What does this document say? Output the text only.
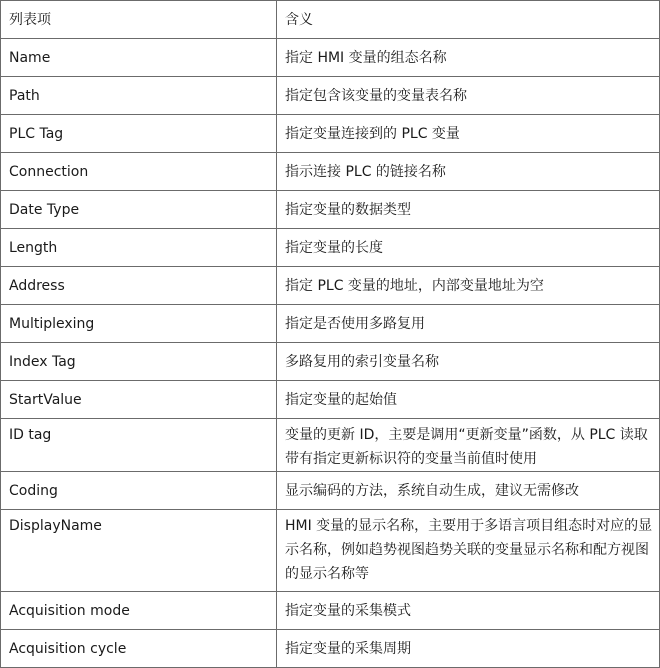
列表项	含义
Name	指定 HMI 变量的组态名称
Path	指定包含该变量的变量表名称
PLC Tag	指定变量连接到的 PLC 变量
Connection	指示连接 PLC 的链接名称
Date Type	指定变量的数据类型
Length	指定变量的长度
Address	指定 PLC 变量的地址，内部变量地址为空
Multiplexing	指定是否使用多路复用
Index Tag	多路复用的索引变量名称
StartValue	指定变量的起始值
ID tag	变量的更新 ID，主要是调用“更新变量”函数，从 PLC 读取带有指定更新标识符的变量当前值时使用
Coding	显示编码的方法，系统自动生成，建议无需修改
DisplayName	HMI 变量的显示名称，主要用于多语言项目组态时对应的显示名称，例如趋势视图趋势关联的变量显示名称和配方视图的显示名称等
Acquisition mode	指定变量的采集模式
Acquisition cycle	指定变量的采集周期
